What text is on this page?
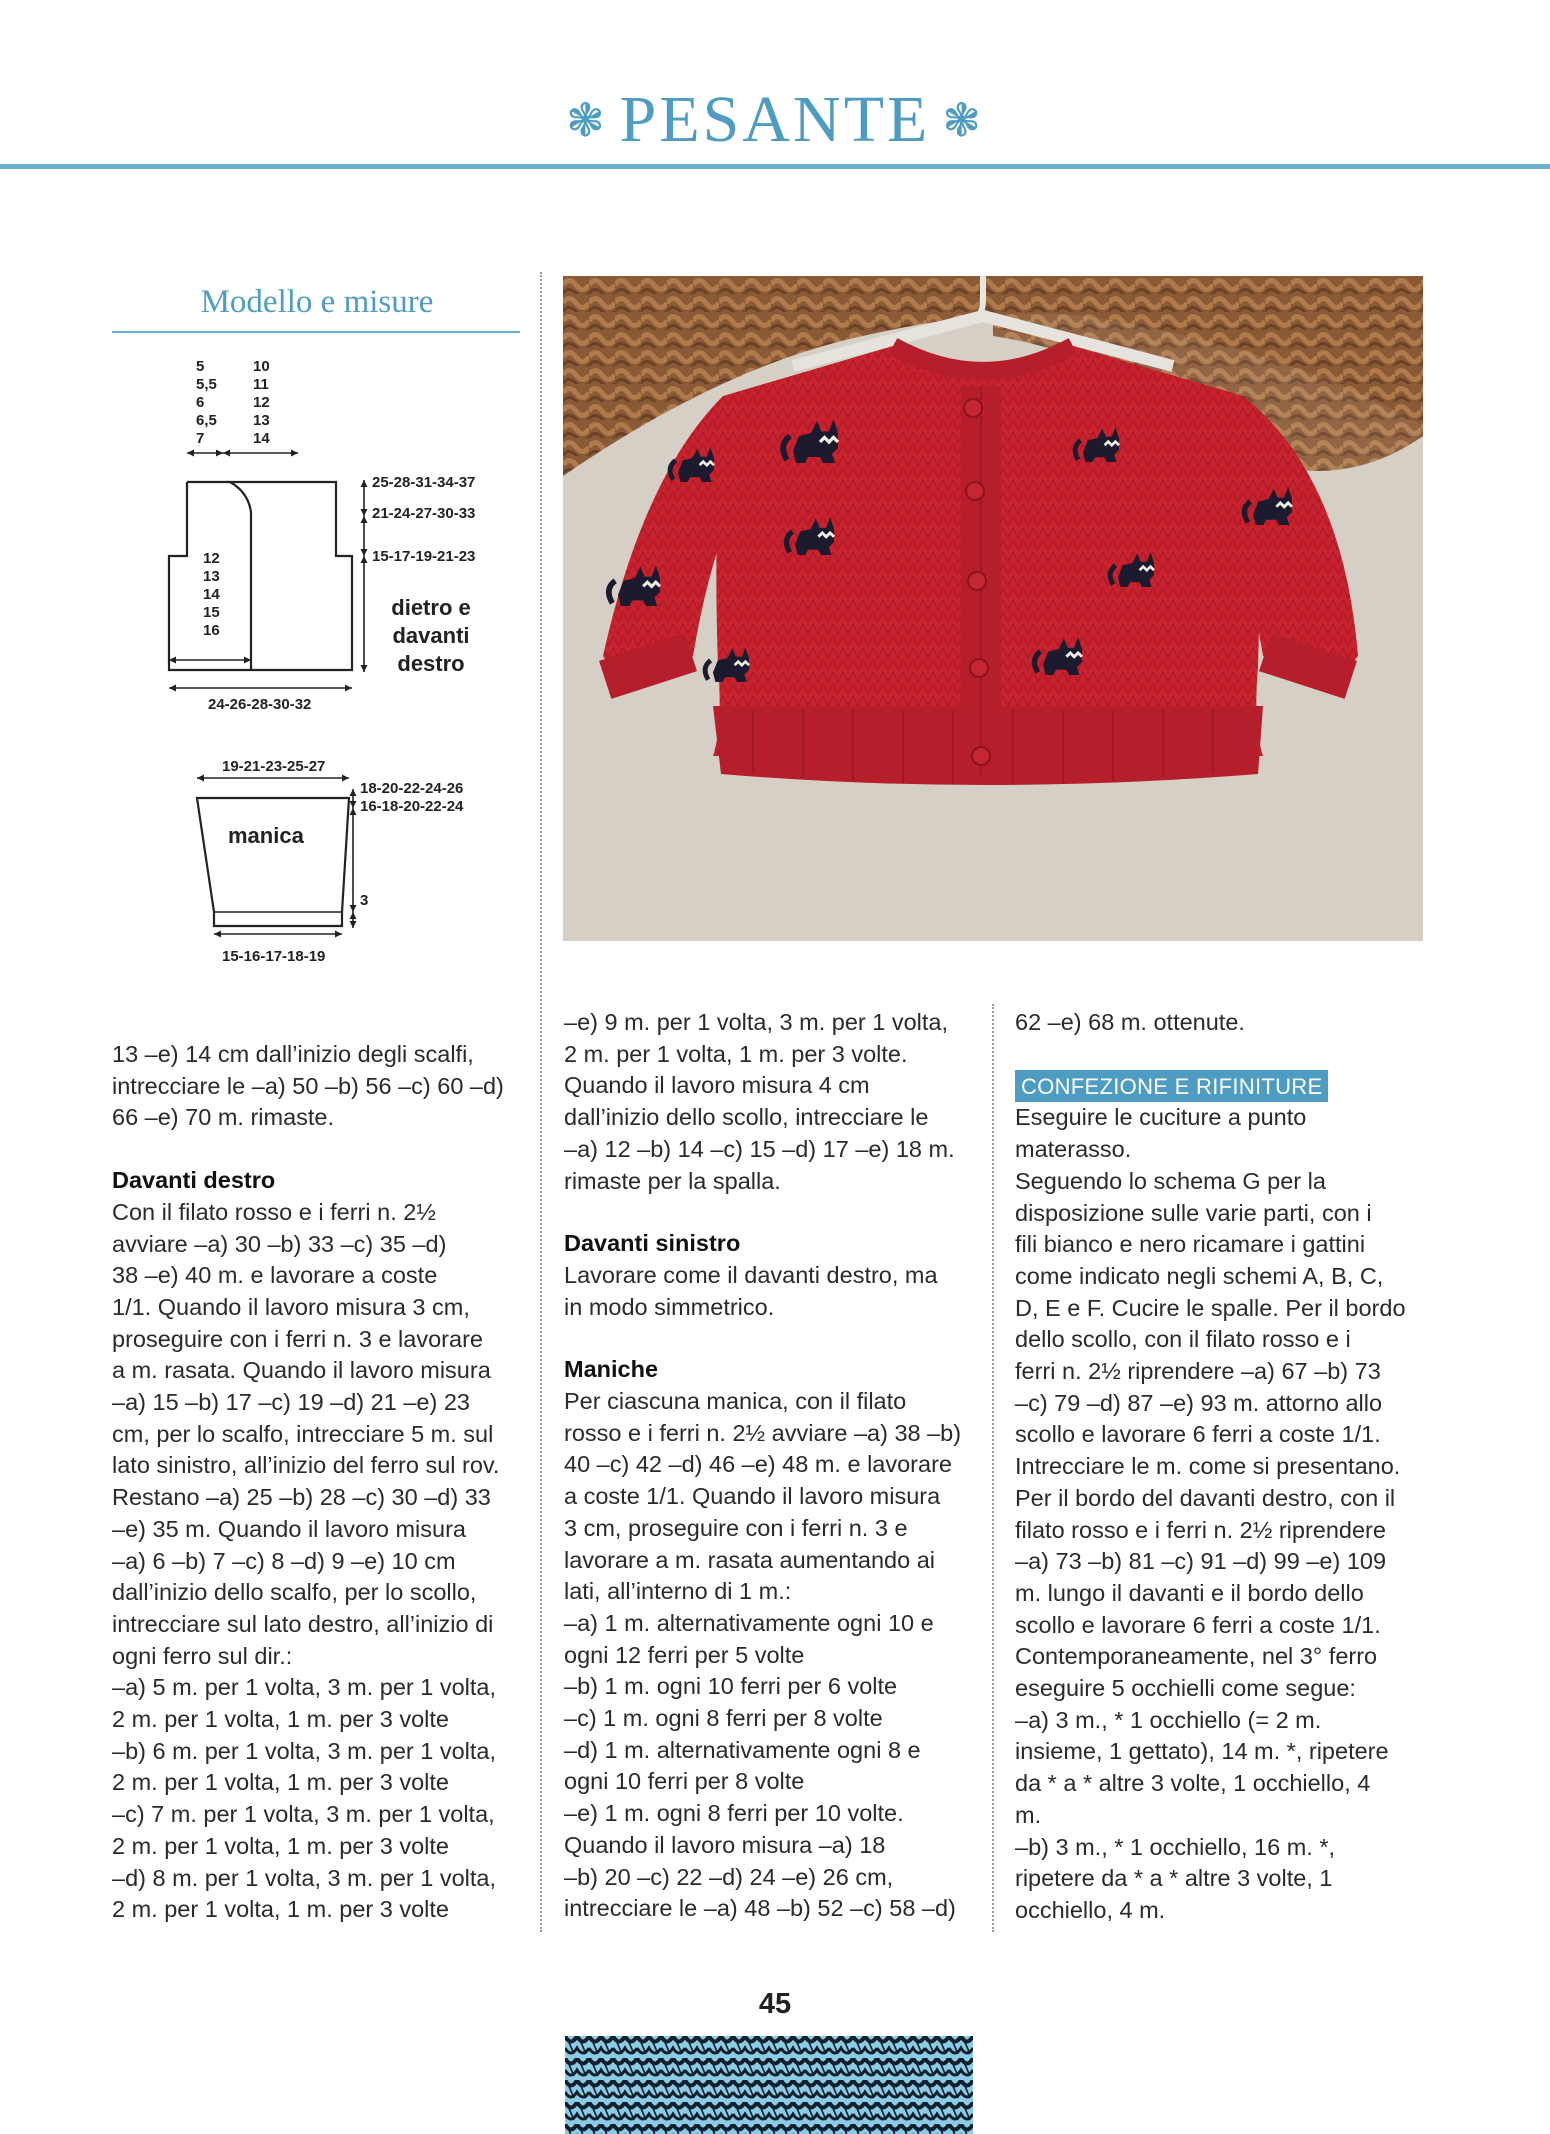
❃ PESANTE ❃
Modello e misure
5
5,5
6
6,5
7
10
11
12
13
14
12
13
14
15
16
24-26-28-30-32
25-28-31-34-37
21-24-27-30-33
15-17-19-21-23
dietro e
davanti
destro
19-21-23-25-27
manica
18-20-22-24-26
16-18-20-22-24
3
15-16-17-18-19

13 –e) 14 cm dall’inizio degli scalfi,

intrecciare le –a) 50 –b) 56 –c) 60 –d)

66 –e) 70 m. rimaste.

Davanti destro

Con il filato rosso e i ferri n. 2½

avviare –a) 30 –b) 33 –c) 35 –d)

38 –e) 40 m. e lavorare a coste

1/1. Quando il lavoro misura 3 cm,

proseguire con i ferri n. 3 e lavorare

a m. rasata. Quando il lavoro misura

–a) 15 –b) 17 –c) 19 –d) 21 –e) 23

cm, per lo scalfo, intrecciare 5 m. sul

lato sinistro, all’inizio del ferro sul rov.

Restano –a) 25 –b) 28 –c) 30 –d) 33

–e) 35 m. Quando il lavoro misura

–a) 6 –b) 7 –c) 8 –d) 9 –e) 10 cm

dall’inizio dello scalfo, per lo scollo,

intrecciare sul lato destro, all’inizio di

ogni ferro sul dir.:

–a) 5 m. per 1 volta, 3 m. per 1 volta,

2 m. per 1 volta, 1 m. per 3 volte

–b) 6 m. per 1 volta, 3 m. per 1 volta,

2 m. per 1 volta, 1 m. per 3 volte

–c) 7 m. per 1 volta, 3 m. per 1 volta,

2 m. per 1 volta, 1 m. per 3 volte

–d) 8 m. per 1 volta, 3 m. per 1 volta,

2 m. per 1 volta, 1 m. per 3 volte

–e) 9 m. per 1 volta, 3 m. per 1 volta,

2 m. per 1 volta, 1 m. per 3 volte.

Quando il lavoro misura 4 cm

dall’inizio dello scollo, intrecciare le

–a) 12 –b) 14 –c) 15 –d) 17 –e) 18 m.

rimaste per la spalla.

Davanti sinistro

Lavorare come il davanti destro, ma

in modo simmetrico.

Maniche

Per ciascuna manica, con il filato

rosso e i ferri n. 2½ avviare –a) 38 –b)

40 –c) 42 –d) 46 –e) 48 m. e lavorare

a coste 1/1. Quando il lavoro misura

3 cm, proseguire con i ferri n. 3 e

lavorare a m. rasata aumentando ai

lati, all’interno di 1 m.:

–a) 1 m. alternativamente ogni 10 e

ogni 12 ferri per 5 volte

–b) 1 m. ogni 10 ferri per 6 volte

–c) 1 m. ogni 8 ferri per 8 volte

–d) 1 m. alternativamente ogni 8 e

ogni 10 ferri per 8 volte

–e) 1 m. ogni 8 ferri per 10 volte.

Quando il lavoro misura –a) 18

–b) 20 –c) 22 –d) 24 –e) 26 cm,

intrecciare le –a) 48 –b) 52 –c) 58 –d)

62 –e) 68 m. ottenute.

CONFEZIONE E RIFINITURE

Eseguire le cuciture a punto

materasso.

Seguendo lo schema G per la

disposizione sulle varie parti, con i

fili bianco e nero ricamare i gattini

come indicato negli schemi A, B, C,

D, E e F. Cucire le spalle. Per il bordo

dello scollo, con il filato rosso e i

ferri n. 2½ riprendere –a) 67 –b) 73

–c) 79 –d) 87 –e) 93 m. attorno allo

scollo e lavorare 6 ferri a coste 1/1.

Intrecciare le m. come si presentano.

Per il bordo del davanti destro, con il

filato rosso e i ferri n. 2½ riprendere

–a) 73 –b) 81 –c) 91 –d) 99 –e) 109

m. lungo il davanti e il bordo dello

scollo e lavorare 6 ferri a coste 1/1.

Contemporaneamente, nel 3° ferro

eseguire 5 occhielli come segue:

–a) 3 m., * 1 occhiello (= 2 m.

insieme, 1 gettato), 14 m. *, ripetere

da * a * altre 3 volte, 1 occhiello, 4

m.

–b) 3 m., * 1 occhiello, 16 m. *,

ripetere da * a * altre 3 volte, 1

occhiello, 4 m.

45
